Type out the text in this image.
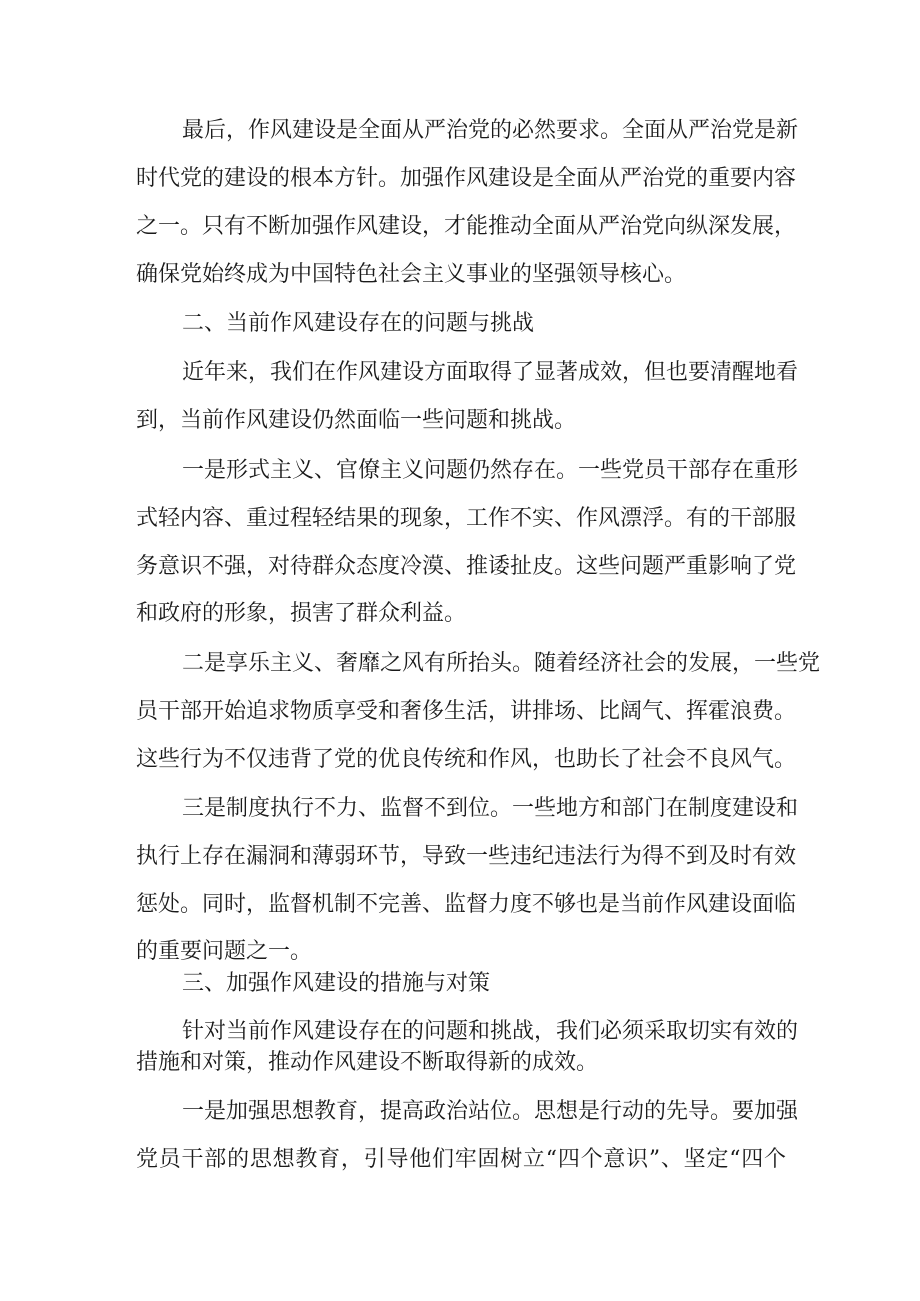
最后，作风建设是全面从严治党的必然要求。全面从严治党是新
时代党的建设的根本方针。加强作风建设是全面从严治党的重要内容
之一。只有不断加强作风建设，才能推动全面从严治党向纵深发展，
确保党始终成为中国特色社会主义事业的坚强领导核心。
二、当前作风建设存在的问题与挑战
近年来，我们在作风建设方面取得了显著成效，但也要清醒地看
到，当前作风建设仍然面临一些问题和挑战。
一是形式主义、官僚主义问题仍然存在。一些党员干部存在重形
式轻内容、重过程轻结果的现象，工作不实、作风漂浮。有的干部服
务意识不强，对待群众态度冷漠、推诿扯皮。这些问题严重影响了党
和政府的形象，损害了群众利益。
二是享乐主义、奢靡之风有所抬头。随着经济社会的发展，一些党
员干部开始追求物质享受和奢侈生活，讲排场、比阔气、挥霍浪费。
这些行为不仅违背了党的优良传统和作风，也助长了社会不良风气。
三是制度执行不力、监督不到位。一些地方和部门在制度建设和
执行上存在漏洞和薄弱环节，导致一些违纪违法行为得不到及时有效
惩处。同时，监督机制不完善、监督力度不够也是当前作风建设面临
的重要问题之一。
三、加强作风建设的措施与对策
针对当前作风建设存在的问题和挑战，我们必须采取切实有效的
措施和对策，推动作风建设不断取得新的成效。
一是加强思想教育，提高政治站位。思想是行动的先导。要加强
党员干部的思想教育，引导他们牢固树立“四个意识”、坚定“四个
